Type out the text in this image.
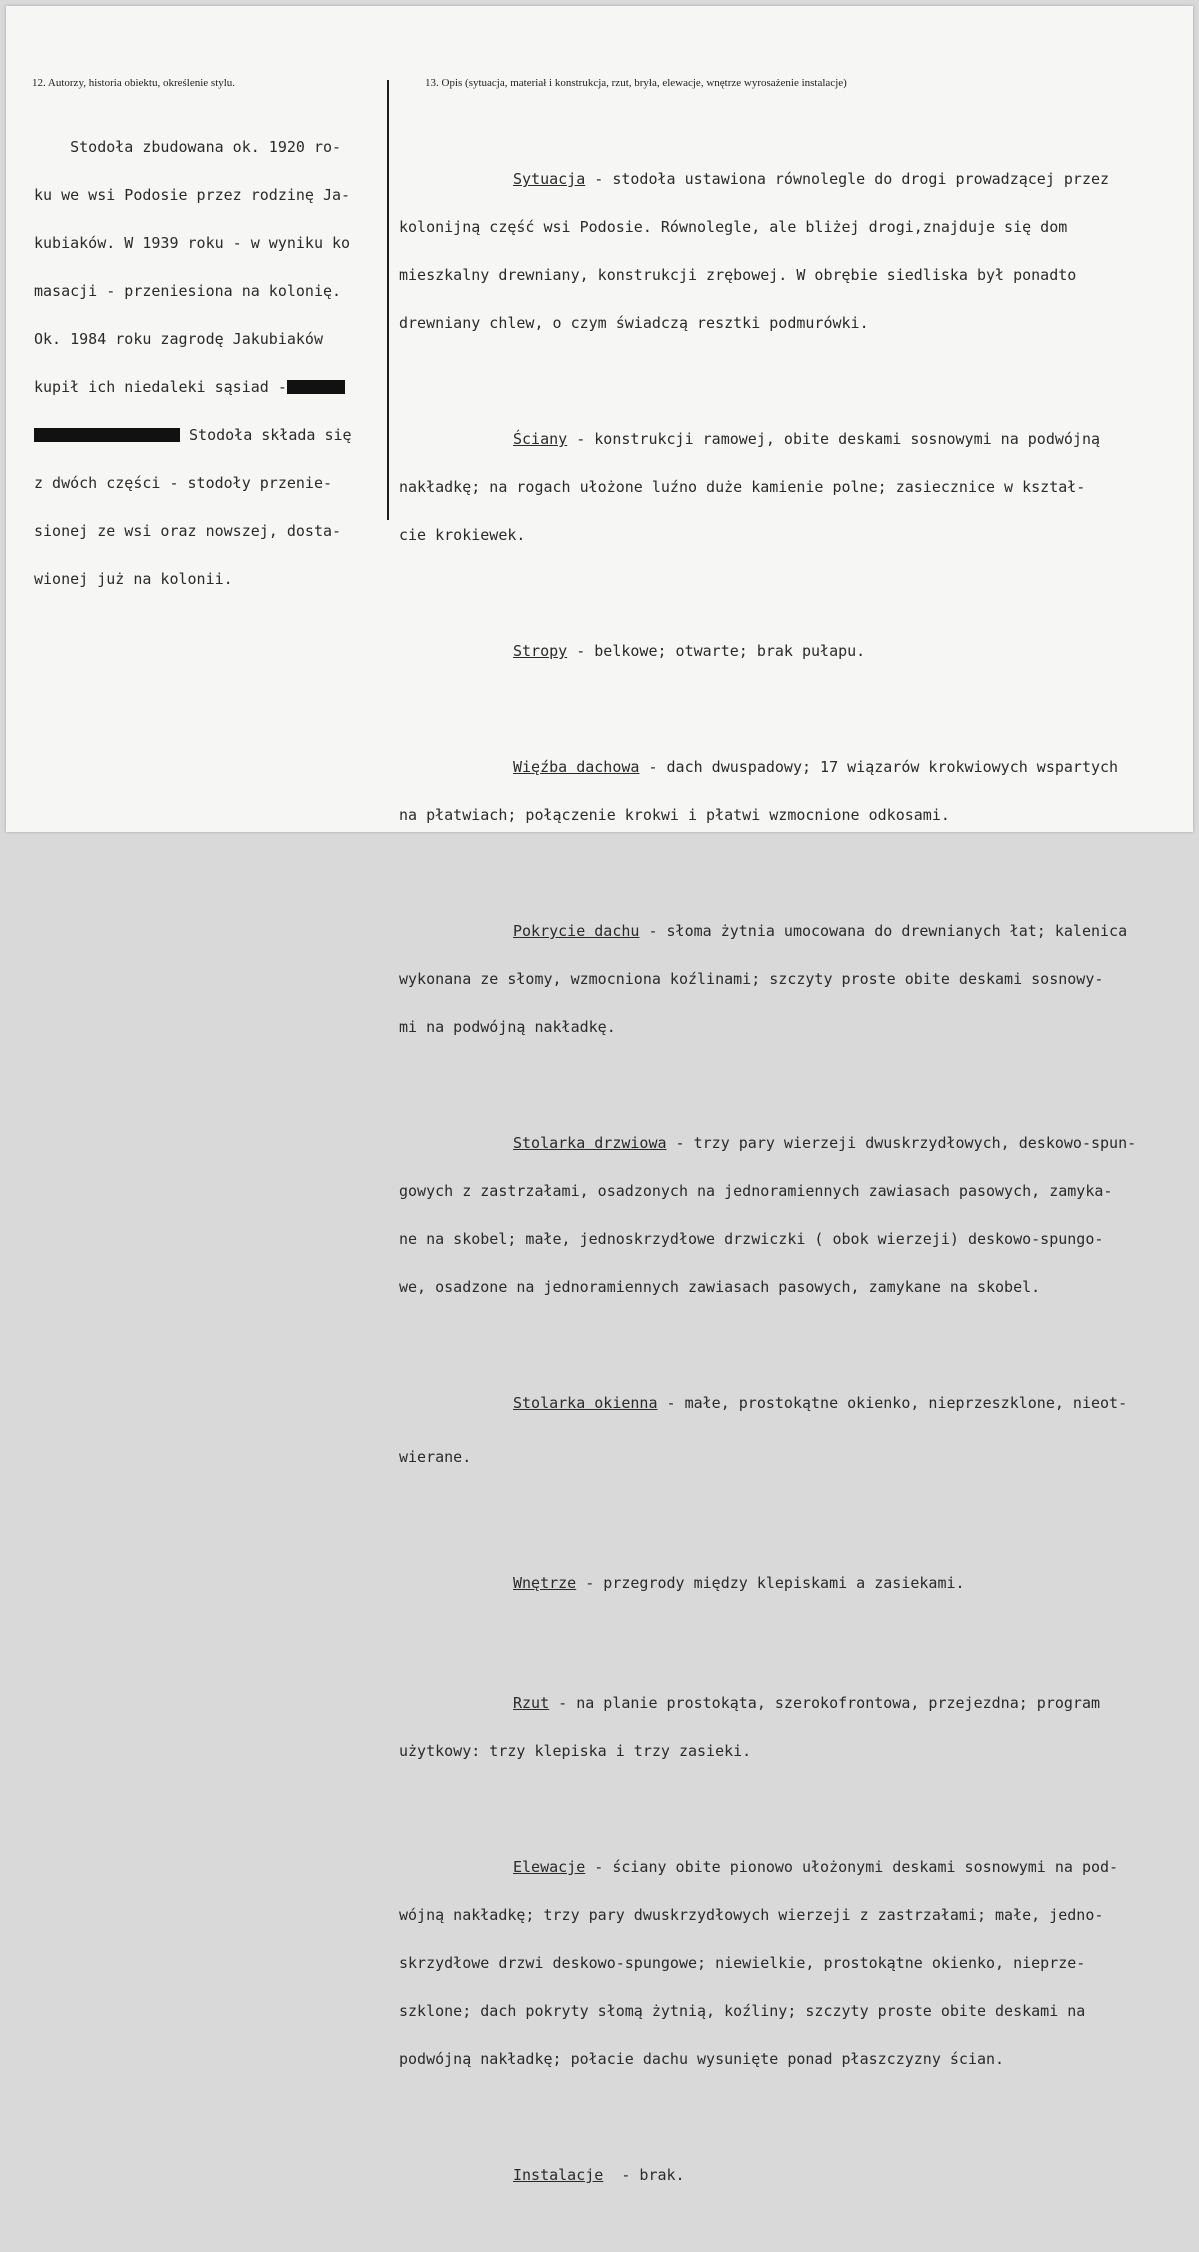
12. Autorzy, historia obiektu, określenie stylu.	13. Opis (sytuacja, materiał i konstrukcja, rzut, bryła, elewacje, wnętrze wyrosażenie instalacje)

Stodoła zbudowana ok. 1920 ro-

ku we wsi Podosie przez rodzinę Ja-

kubiaków. W 1939 roku - w wyniku ko

masacji - przeniesiona na kolonię.

Ok. 1984 roku zagrodę Jakubiaków

kupił ich niedaleki sąsiad -

Stodoła składa się

z dwóch części - stodoły przenie-

sionej ze wsi oraz nowszej, dosta-

wionej już na kolonii.

Sytuacja - stodoła ustawiona równolegle do drogi prowadzącej przez

kolonijną część wsi Podosie. Równolegle, ale bliżej drogi,znajduje się dom

mieszkalny drewniany, konstrukcji zrębowej. W obrębie siedliska był ponadto

drewniany chlew, o czym świadczą resztki podmurówki.

Ściany - konstrukcji ramowej, obite deskami sosnowymi na podwójną

nakładkę; na rogach ułożone luźno duże kamienie polne; zasiecznice w kształ-

cie krokiewek.

Stropy - belkowe; otwarte; brak pułapu.

Więźba dachowa - dach dwuspadowy; 17 wiązarów krokwiowych wspartych

na płatwiach; połączenie krokwi i płatwi wzmocnione odkosami.

Pokrycie dachu - słoma żytnia umocowana do drewnianych łat; kalenica

wykonana ze słomy, wzmocniona koźlinami; szczyty proste obite deskami sosnowy-

mi na podwójną nakładkę.

Stolarka drzwiowa - trzy pary wierzeji dwuskrzydłowych, deskowo-spun-

gowych z zastrzałami, osadzonych na jednoramiennych zawiasach pasowych, zamyka-

ne na skobel; małe, jednoskrzydłowe drzwiczki ( obok wierzeji) deskowo-spungo-

we, osadzone na jednoramiennych zawiasach pasowych, zamykane na skobel.

Stolarka okienna - małe, prostokątne okienko, nieprzeszklone, nieot-

wierane.

Wnętrze - przegrody między klepiskami a zasiekami.

Rzut - na planie prostokąta, szerokofrontowa, przejezdna; program

użytkowy: trzy klepiska i trzy zasieki.

Elewacje - ściany obite pionowo ułożonymi deskami sosnowymi na pod-

wójną nakładkę; trzy pary dwuskrzydłowych wierzeji z zastrzałami; małe, jedno-

skrzydłowe drzwi deskowo-spungowe; niewielkie, prostokątne okienko, nieprze-

szklone; dach pokryty słomą żytnią, koźliny; szczyty proste obite deskami na

podwójną nakładkę; połacie dachu wysunięte ponad płaszczyzny ścian.

Instalacje  - brak.
